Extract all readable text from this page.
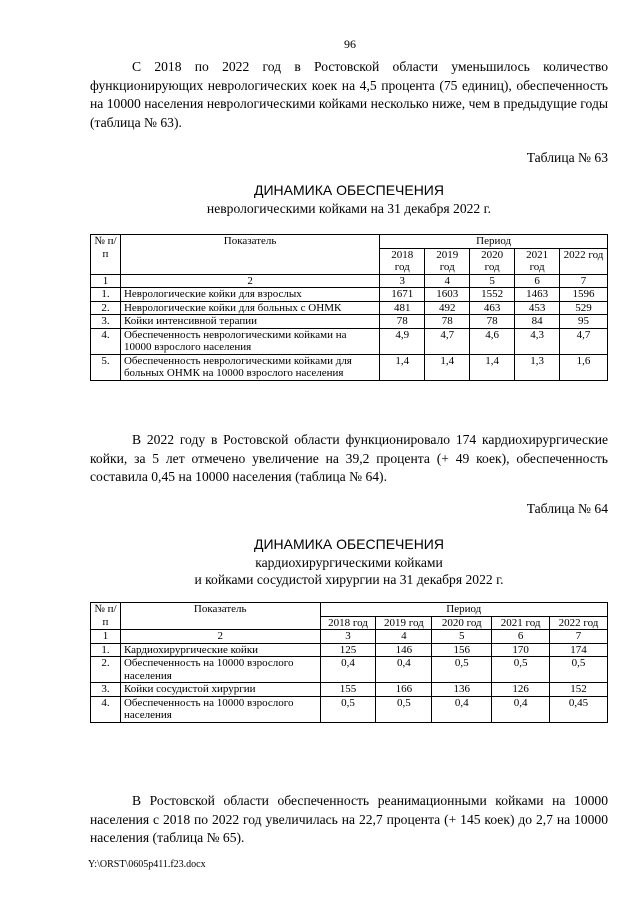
96
С 2018 по 2022 год в Ростовской области уменьшилось количество функционирующих неврологических коек на 4,5 процента (75 единиц), обеспеченность на 10000 населения неврологическими койками несколько ниже, чем в предыдущие годы (таблица № 63).
Таблица № 63
ДИНАМИКА ОБЕСПЕЧЕНИЯ
неврологическими койками на 31 декабря 2022 г.
№ п/п	Показатель	Период				
		2018 год	2019 год	2020 год	2021 год	2022 год
1	2	3	4	5	6	7
1.	Неврологические койки для взрослых	1671	1603	1552	1463	1596
2.	Неврологические койки для больных с ОНМК	481	492	463	453	529
3.	Койки интенсивной терапии	78	78	78	84	95
4.	Обеспеченность неврологическими койками на 10000 взрослого населения	4,9	4,7	4,6	4,3	4,7
5.	Обеспеченность неврологическими койками для больных ОНМК на 10000 взрослого населения	1,4	1,4	1,4	1,3	1,6
В 2022 году в Ростовской области функционировало 174 кардиохирургические койки, за 5 лет отмечено увеличение на 39,2 процента (+ 49 коек), обеспеченность составила 0,45 на 10000 населения (таблица № 64).
Таблица № 64
ДИНАМИКА ОБЕСПЕЧЕНИЯ
кардиохирургическими койками
и койками сосудистой хирургии на 31 декабря 2022 г.
№ п/п	Показатель	Период				
		2018 год	2019 год	2020 год	2021 год	2022 год
1	2	3	4	5	6	7
1.	Кардиохирургические койки	125	146	156	170	174
2.	Обеспеченность на 10000 взрослого населения	0,4	0,4	0,5	0,5	0,5
3.	Койки сосудистой хирургии	155	166	136	126	152
4.	Обеспеченность на 10000 взрослого населения	0,5	0,5	0,4	0,4	0,45
В Ростовской области обеспеченность реанимационными койками на 10000 населения с 2018 по 2022 год увеличилась на 22,7 процента (+ 145 коек) до 2,7 на 10000 населения (таблица № 65).
Y:\ORST\0605p411.f23.docx
